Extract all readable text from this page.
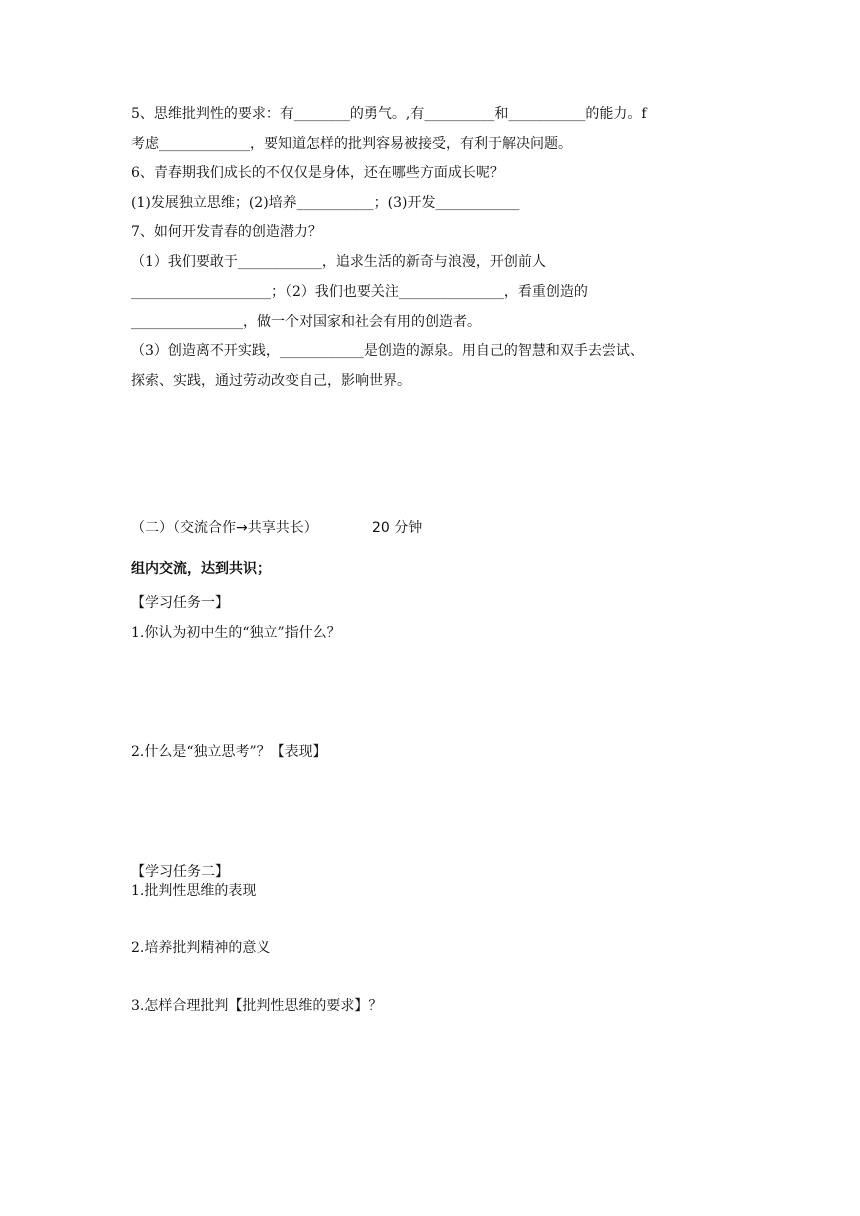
5、思维批判性的要求：有________的勇气。,有__________和___________的能力。f
考虑_____________，要知道怎样的批判容易被接受，有利于解决问题。
6、青春期我们成长的不仅仅是身体，还在哪些方面成长呢？
(1)发展独立思维；(2)培养___________；(3)开发____________
7、如何开发青春的创造潜力？
（1）我们要敢于____________，追求生活的新奇与浪漫，开创前人
____________________；（2）我们也要关注_______________，看重创造的
________________，做一个对国家和社会有用的创造者。
（3）创造离不开实践，____________是创造的源泉。用自己的智慧和双手去尝试、
探索、实践，通过劳动改变自己，影响世界。
（二）（交流合作→共享共长）	20 分钟
组内交流，达到共识；
【学习任务一】
1.你认为初中生的“独立”指什么？
2.什么是“独立思考”？【表现】
【学习任务二】
1.批判性思维的表现
2.培养批判精神的意义
3.怎样合理批判【批判性思维的要求】？
